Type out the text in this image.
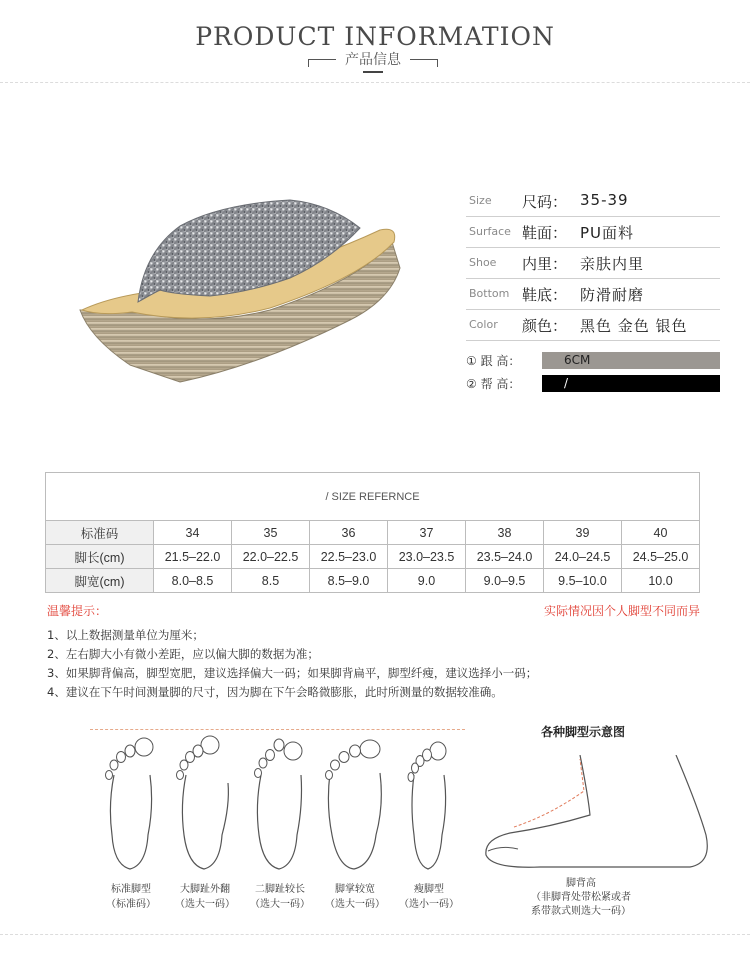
PRODUCT INFORMATION
产品信息
Size 尺码： 35-39
Surface 鞋面： PU面料
Shoe 内里： 亲肤内里
Bottom 鞋底： 防滑耐磨
Color 颜色： 黑色 金色 银色
① 跟 高：	6CM
② 帮 高：	/
/ SIZE REFERNCE							
标准码	34	35	36	37	38	39	40
脚长(cm)	21.5–22.0	22.0–22.5	22.5–23.0	23.0–23.5	23.5–24.0	24.0–24.5	24.5–25.0
脚宽(cm)	8.0–8.5	8.5	8.5–9.0	9.0	9.0–9.5	9.5–10.0	10.0
温馨提示：	实际情况因个人脚型不同而异
1、以上数据测量单位为厘米；
2、左右脚大小有微小差距，应以偏大脚的数据为准；
3、如果脚背偏高，脚型宽肥，建议选择偏大一码；如果脚背扁平，脚型纤瘦，建议选择小一码；
4、建议在下午时间测量脚的尺寸，因为脚在下午会略微膨胀，此时所测量的数据较准确。
标准脚型
（标准码）
大脚趾外翻
（选大一码）
二脚趾较长
（选大一码）
脚掌较宽
（选大一码）
瘦脚型
（选小一码）
各种脚型示意图
脚背高
（非脚背处带松紧或者
系带款式则选大一码）
